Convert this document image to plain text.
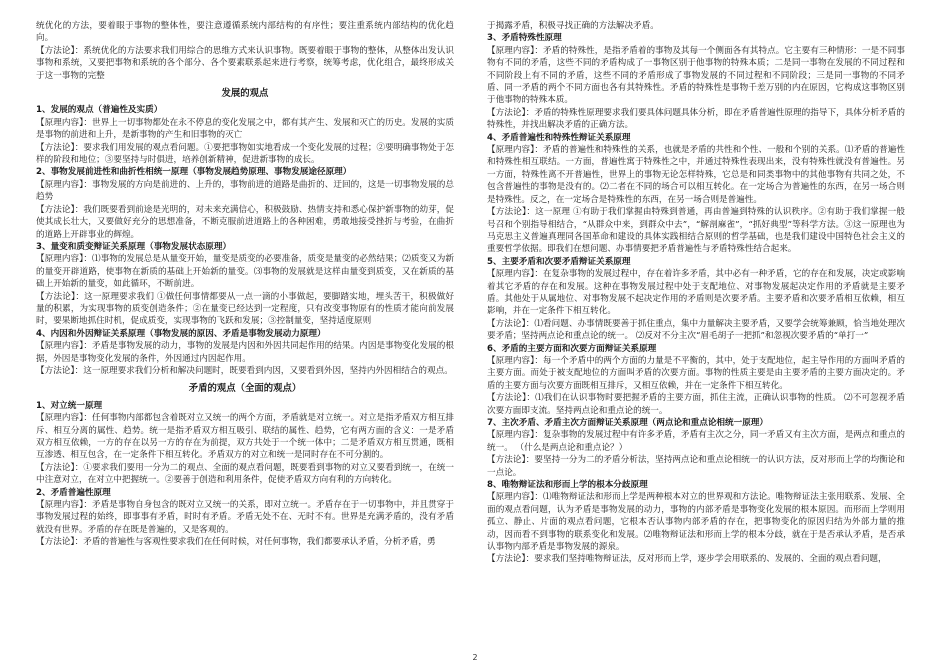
统优化的方法，要着眼于事物的整体性，要注意遵循系统内部结构的有序性；要注重系统内部结构的优化趋向。

【方法论】：系统优化的方法要求我们用综合的思维方式来认识事物。既要着眼于事物的整体，从整体出发认识事物和系统，又要把事物和系统的各个部分、各个要素联系起来进行考察，统筹考虑，优化组合，最终形成关于这一事物的完整

发展的观点

1、发展的观点（普遍性及实质）

【原理内容】：世界上一切事物都处在永不停息的变化发展之中，都有其产生、发展和灭亡的历史。发展的实质是事物的前进和上升，是新事物的产生和旧事物的灭亡

【方法论】：要求我们用发展的观点看问题。①要把事物如实地看成一个变化发展的过程；②要明确事物处于怎样的阶段和地位；③要坚持与时俱进，培养创新精神，促进新事物的成长。

2、事物发展前进性和曲折性相统一原理（事物发展趋势原理、事物发展途径原理）

【原理内容】：事物发展的方向是前进的、上升的，事物前进的道路是曲折的、迂回的，这是一切事物发展的总趋势

【方法论】：我们既要看到前途是光明的，对未来充满信心，积极鼓励、热情支持和悉心保护新事物的幼芽，促使其成长壮大，又要做好充分的思想准备，不断克服前进道路上的各种困难，勇敢地接受挫折与考验，在曲折的道路上开辟事业的辉煌。

3、量变和质变辩证关系原理（事物发展状态原理）

【原理内容】：⑴事物的发展总是从量变开始，量变是质变的必要准备，质变是量变的必然结果；⑵质变又为新的量变开辟道路，使事物在新质的基础上开始新的量变。⑶事物的发展就是这样由量变到质变，又在新质的基础上开始新的量变，如此循环，不断前进。

【方法论】：这一原理要求我们 ①做任何事情都要从一点一滴的小事做起，要脚踏实地，埋头苦干，积极做好量的积累，为实现事物的质变创造条件；②在量变已经达到一定程度，只有改变事物原有的性质才能向前发展时，要果断地抓住时机，促成质变，实现事物的飞跃和发展；③控制量变，坚持适度原则

4、内因和外因辩证关系原理（事物发展的原因、矛盾是事物发展动力原理）

【原理内容】：矛盾是事物发展的动力，事物的发展是内因和外因共同起作用的结果。内因是事物变化发展的根据，外因是事物变化发展的条件，外因通过内因起作用。

【方法论】：这一原理要求我们分析和解决问题时，既要看到内因，又要看到外因，坚持内外因相结合的观点。

矛盾的观点（全面的观点）

1、对立统一原理

【原理内容】：任何事物内部都包含着既对立又统一的两个方面，矛盾就是对立统一。对立是指矛盾双方相互排斥、相互分离的属性、趋势。统一是指矛盾双方相互吸引、联结的属性、趋势，它有两方面的含义：一是矛盾双方相互依赖，一方的存在以另一方的存在为前提，双方共处于一个统一体中；二是矛盾双方相互贯通，既相互渗透、相互包含，在一定条件下相互转化。矛盾双方的对立和统一是同时存在不可分割的。

【方法论】：①要求我们要用一分为二的观点、全面的观点看问题，既要看到事物的对立又要看到统一，在统一中注意对立，在对立中把握统一。②要善于创造和利用条件，促使矛盾双方向有利的方向转化。

2、矛盾普遍性原理

【原理内容】：矛盾是事物自身包含的既对立又统一的关系，即对立统一。矛盾存在于一切事物中，并且贯穿于事物发展过程的始终，即事事有矛盾，时时有矛盾。矛盾无处不在、无时不有。世界是充满矛盾的，没有矛盾就没有世界。矛盾的存在既是普遍的，又是客观的。

【方法论】：矛盾的普遍性与客观性要求我们在任何时候，对任何事物，我们都要承认矛盾，分析矛盾，勇

于揭露矛盾，积极寻找正确的方法解决矛盾。

3、矛盾特殊性原理

【原理内容】：矛盾的特殊性，是指矛盾着的事物及其每一个侧面各有其特点。它主要有三种情形：一是不同事物有不同的矛盾，这些不同的矛盾构成了一事物区别于他事物的特殊本质；二是同一事物在发展的不同过程和不同阶段上有不同的矛盾，这些不同的矛盾形成了事物发展的不同过程和不同阶段；三是同一事物的不同矛盾、同一矛盾的两个不同方面也各有其特殊性。矛盾的特殊性是事物千差万别的内在原因，它构成这事物区别于他事物的特殊本质。

【方法论】：矛盾的特殊性原理要求我们要具体问题具体分析，即在矛盾普遍性原理的指导下，具体分析矛盾的特殊性，并找出解决矛盾的正确方法。

4、矛盾普遍性和特殊性辩证关系原理

【原理内容】：矛盾的普遍性和特殊性的关系，也就是矛盾的共性和个性、一般和个别的关系。⑴矛盾的普遍性和特殊性相互联结。一方面，普遍性寓于特殊性之中，并通过特殊性表现出来，没有特殊性就没有普遍性。另一方面，特殊性离不开普遍性，世界上的事物无论怎样特殊，它总是和同类事物中的其他事物有共同之处，不包含普遍性的事物是没有的。⑵二者在不同的场合可以相互转化。在一定场合为普遍性的东西，在另一场合则是特殊性。反之，在一定场合是特殊性的东西，在另一场合则是普遍性。

【方法论】：这一原理 ①有助于我们掌握由特殊到普通，再由普遍到特殊的认识秩序。②有助于我们掌握一般号召和个别指导相结合，“从群众中来，到群众中去”，“解剖麻雀”，“抓好典型”等科学方法。③这一原理也为马克思主义普遍真理同各国革命和建设的具体实践相结合原则的哲学基础，也是我们建设中国特色社会主义的重要哲学依据。即我们在想问题、办事情要把矛盾普遍性与矛盾特殊性结合起来。

5、主要矛盾和次要矛盾辩证关系原理

【原理内容】：在复杂事物的发展过程中，存在着许多矛盾，其中必有一种矛盾，它的存在和发展，决定或影响着其它矛盾的存在和发展。这种在事物发展过程中处于支配地位、对事物发展起决定作用的矛盾就是主要矛盾。其他处于从属地位、对事物发展不起决定作用的矛盾则是次要矛盾。主要矛盾和次要矛盾相互依赖，相互影响，并在一定条件下相互转化。

【方法论】：⑴看问题、办事情既要善于抓住重点，集中力量解决主要矛盾，又要学会统筹兼顾，恰当地处理次要矛盾；坚持两点论和重点论的统一。 ⑵反对不分主次“眉毛胡子一把抓”和忽视次要矛盾的“单打一”

6、矛盾的主要方面和次要方面辩证关系原理

【原理内容】：每一个矛盾中的两个方面的力量是不平衡的，其中，处于支配地位，起主导作用的方面叫矛盾的主要方面。而处于被支配地位的方面叫矛盾的次要方面。事物的性质主要是由主要矛盾的主要方面决定的。矛盾的主要方面与次要方面既相互排斥，又相互依赖，并在一定条件下相互转化。

【方法论】：⑴我们在认识事物时要把握矛盾的主要方面，抓住主流，正确认识事物的性质。 ⑵不可忽视矛盾次要方面即支流。坚持两点论和重点论的统一。

7、主次矛盾、矛盾主次方面辩证关系原理（两点论和重点论相统一原理）

【原理内容】：复杂事物的发展过程中有许多矛盾，矛盾有主次之分，同一矛盾又有主次方面，是两点和重点的统一。 （什么是两点论和重点论？）

【方法论】：要坚持一分为二的矛盾分析法，坚持两点论和重点论相统一的认识方法，反对形而上学的均衡论和一点论。

8、唯物辩证法和形而上学的根本分歧原理

【原理内容】：⑴唯物辩证法和形而上学是两种根本对立的世界观和方法论。唯物辩证法主张用联系、发展、全面的观点看问题，认为矛盾是事物发展的动力，事物的内部矛盾是事物变化发展的根本原因。而形而上学则用孤立、静止、片面的观点看问题，它根本否认事物内部矛盾的存在，把事物变化的原因归结为外部力量的推动，因而看不到事物的联系变化和发展。⑵唯物辩证法和形而上学的根本分歧，就在于是否承认矛盾，是否承认事物内部矛盾是事物发展的源泉。

【方法论】：要求我们坚持唯物辩证法，反对形而上学，逐步学会用联系的、发展的、全面的观点看问题，

2
